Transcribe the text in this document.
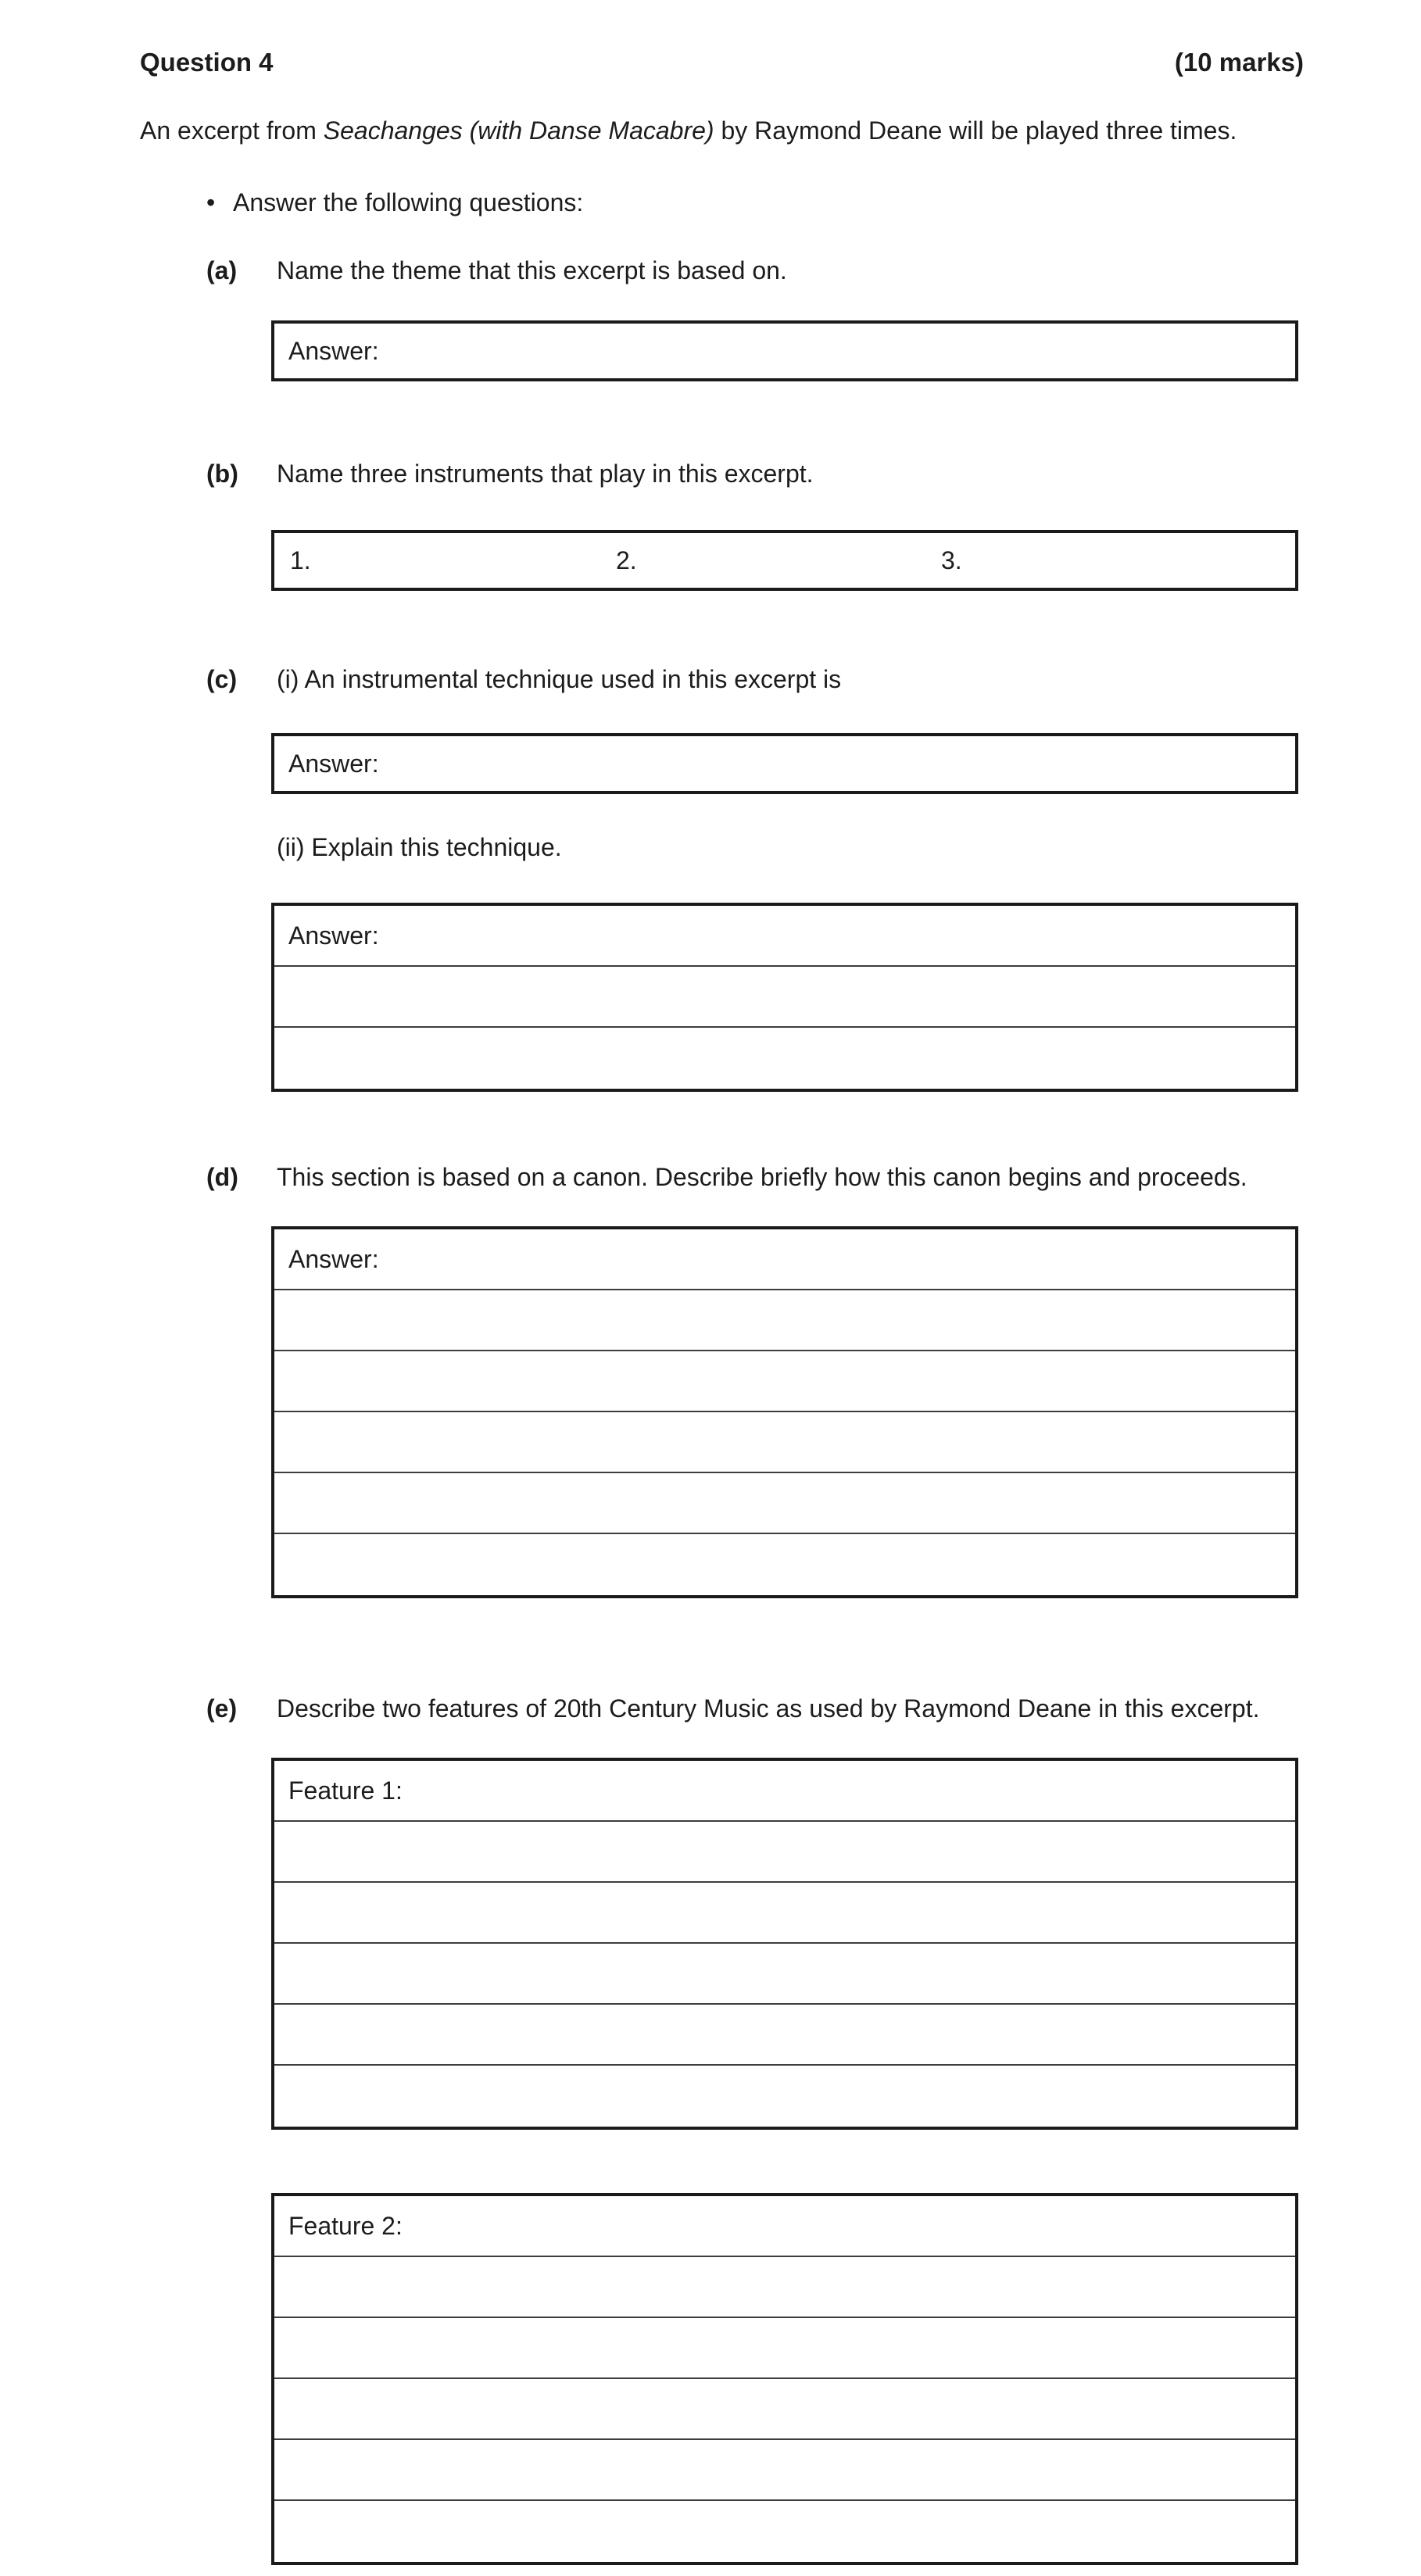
Question 4	(10 marks)
An excerpt from Seachanges (with Danse Macabre) by Raymond Deane will be played three times.
• Answer the following questions:
(a)	Name the theme that this excerpt is based on.
Answer:
(b)	Name three instruments that play in this excerpt.
1.	2.	3.
(c)	(i) An instrumental technique used in this excerpt is
Answer:
(ii) Explain this technique.
Answer:
(d)	This section is based on a canon. Describe briefly how this canon begins and proceeds.
Answer:
(e)	Describe two features of 20th Century Music as used by Raymond Deane in this excerpt.
Feature 1:
Feature 2:
